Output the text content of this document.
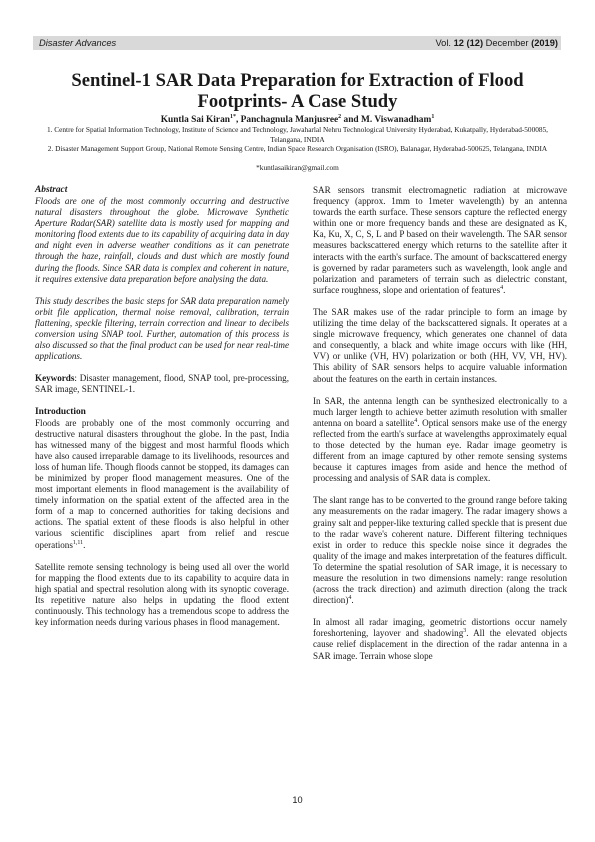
Disaster Advances	Vol. 12 (12) December (2019)
Sentinel-1 SAR Data Preparation for Extraction of Flood Footprints- A Case Study
Kuntla Sai Kiran$^{1*}$, Panchagnula Manjusree$^2$ and M. Viswanadham$^1$
1. Centre for Spatial Information Technology, Institute of Science and Technology, Jawaharlal Nehru Technological University Hyderabad, Kukatpally, Hyderabad-500085, Telangana, INDIA
2. Disaster Management Support Group, National Remote Sensing Centre, Indian Space Research Organisation (ISRO), Balanagar, Hyderabad-500625, Telangana, INDIA
*kuntlasaikiran@gmail.com
Abstract

Floods are one of the most commonly occurring and destructive natural disasters throughout the globe. Microwave Synthetic Aperture Radar(SAR) satellite data is mostly used for mapping and monitoring flood extents due to its capability of acquiring data in day and night even in adverse weather conditions as it can penetrate through the haze, rainfall, clouds and dust which are mostly found during the floods. Since SAR data is complex and coherent in nature, it requires extensive data preparation before analysing the data.

This study describes the basic steps for SAR data preparation namely orbit file application, thermal noise removal, calibration, terrain flattening, speckle filtering, terrain correction and linear to decibels conversion using SNAP tool. Further, automation of this process is also discussed so that the final product can be used for near real-time applications.

Keywords: Disaster management, flood, SNAP tool, pre-processing, SAR image, SENTINEL-1.

Introduction

Floods are probably one of the most commonly occurring and destructive natural disasters throughout the globe. In the past, India has witnessed many of the biggest and most harmful floods which have also caused irreparable damage to its livelihoods, resources and loss of human life. Though floods cannot be stopped, its damages can be minimized by proper flood management measures. One of the most important elements in flood management is the availability of timely information on the spatial extent of the affected area in the form of a map to concerned authorities for taking decisions and actions. The spatial extent of these floods is also helpful in other various scientific disciplines apart from relief and rescue operations$^{1,11}$.

Satellite remote sensing technology is being used all over the world for mapping the flood extents due to its capability to acquire data in high spatial and spectral resolution along with its synoptic coverage. Its repetitive nature also helps in updating the flood extent continuously. This technology has a tremendous scope to address the key information needs during various phases in flood management.

SAR sensors transmit electromagnetic radiation at microwave frequency (approx. 1mm to 1meter wavelength) by an antenna towards the earth surface. These sensors capture the reflected energy within one or more frequency bands and these are designated as K, Ka, Ku, X, C, S, L and P based on their wavelength. The SAR sensor measures backscattered energy which returns to the satellite after it interacts with the earth's surface. The amount of backscattered energy is governed by radar parameters such as wavelength, look angle and polarization and parameters of terrain such as dielectric constant, surface roughness, slope and orientation of features$^4$.

The SAR makes use of the radar principle to form an image by utilizing the time delay of the backscattered signals. It operates at a single microwave frequency, which generates one channel of data and consequently, a black and white image occurs with like (HH, VV) or unlike (VH, HV) polarization or both (HH, VV, VH, HV). This ability of SAR sensors helps to acquire valuable information about the features on the earth in certain instances.

In SAR, the antenna length can be synthesized electronically to a much larger length to achieve better azimuth resolution with smaller antenna on board a satellite$^4$. Optical sensors make use of the energy reflected from the earth's surface at wavelengths approximately equal to those detected by the human eye. Radar image geometry is different from an image captured by other remote sensing systems because it captures images from aside and hence the method of processing and analysis of SAR data is complex.

The slant range has to be converted to the ground range before taking any measurements on the radar imagery. The radar imagery shows a grainy salt and pepper-like texturing called speckle that is present due to the radar wave's coherent nature. Different filtering techniques exist in order to reduce this speckle noise since it degrades the quality of the image and makes interpretation of the features difficult. To determine the spatial resolution of SAR image, it is necessary to measure the resolution in two dimensions namely: range resolution (across the track direction) and azimuth direction (along the track direction)$^4$.

In almost all radar imaging, geometric distortions occur namely foreshortening, layover and shadowing$^3$. All the elevated objects cause relief displacement in the direction of the radar antenna in a SAR image. Terrain whose slope

10
